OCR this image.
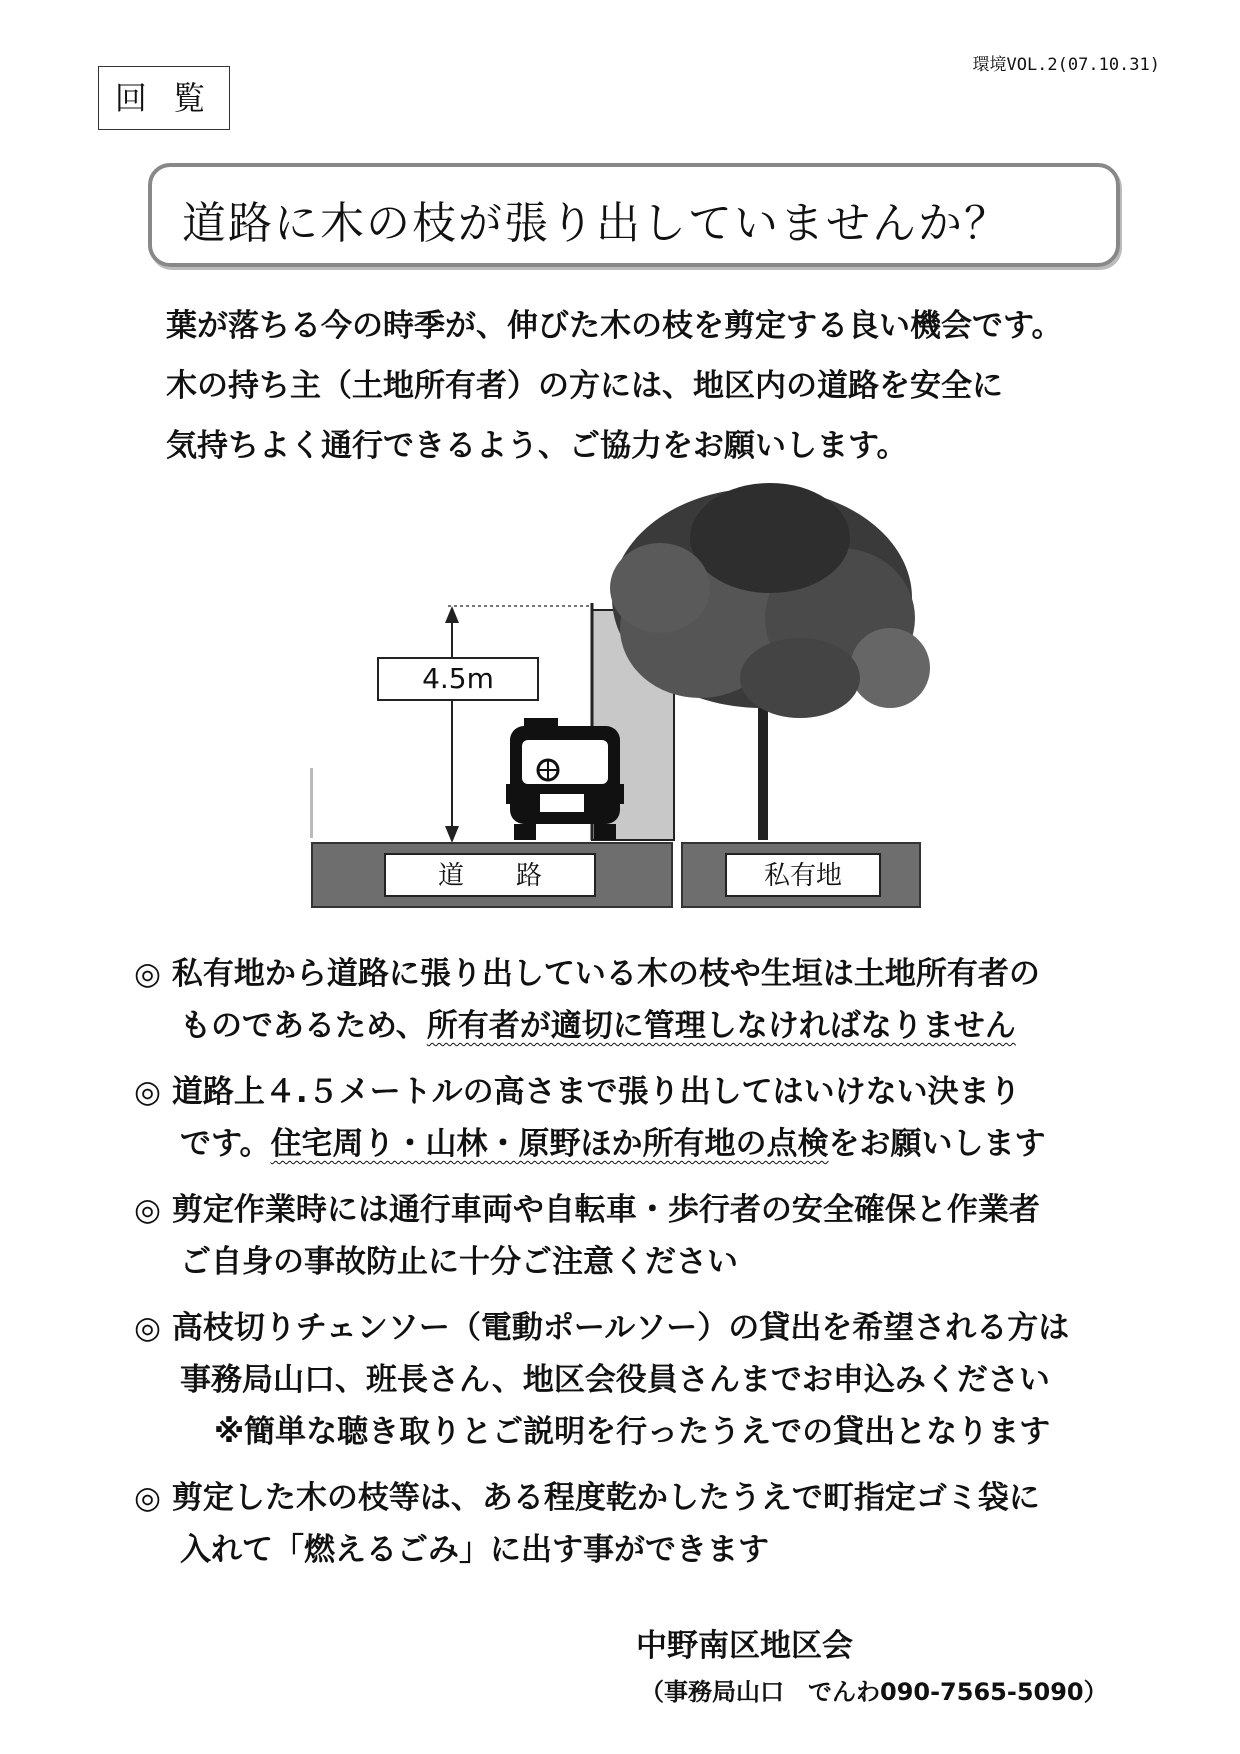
回 覧
環境VOL.2(07.10.31)
道路に木の枝が張り出していませんか？
葉が落ちる今の時季が、伸びた木の枝を剪定する良い機会です。
木の持ち主（土地所有者）の方には、地区内の道路を安全に
気持ちよく通行できるよう、ご協力をお願いします。
4.5m
道　　路	私有地
◎ 私有地から道路に張り出している木の枝や生垣は土地所有者の
ものであるため、所有者が適切に管理しなければなりません
◎ 道路上４.５メートルの高さまで張り出してはいけない決まり
です。住宅周り・山林・原野ほか所有地の点検をお願いします
◎ 剪定作業時には通行車両や自転車・歩行者の安全確保と作業者
ご自身の事故防止に十分ご注意ください
◎ 高枝切りチェンソー（電動ポールソー）の貸出を希望される方は
事務局山口、班長さん、地区会役員さんまでお申込みください
※簡単な聴き取りとご説明を行ったうえでの貸出となります
◎ 剪定した木の枝等は、ある程度乾かしたうえで町指定ゴミ袋に
入れて「燃えるごみ」に出す事ができます
中野南区地区会
（事務局山口　でんわ090-7565-5090）
